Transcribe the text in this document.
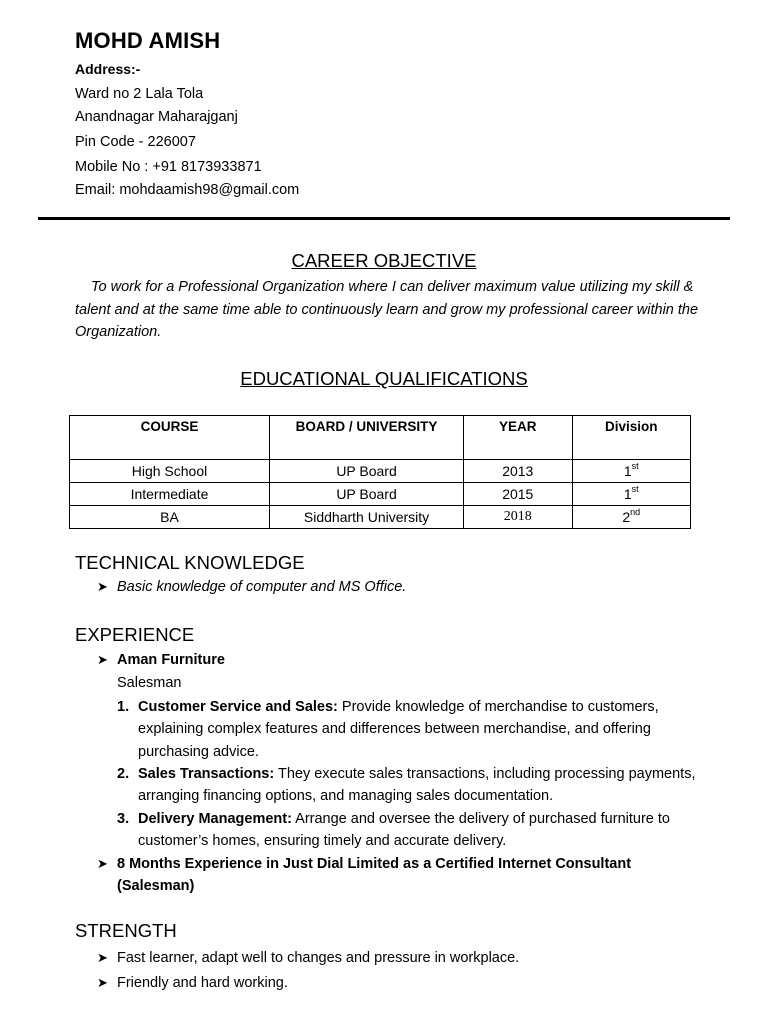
MOHD AMISH
Address:-
Ward no 2 Lala Tola
Anandnagar Maharajganj
Pin Code - 226007
Mobile No : +91 8173933871
Email: mohdaamish98@gmail.com
CAREER OBJECTIVE
To work for a Professional Organization where I can deliver maximum value utilizing my skill & talent and at the same time able to continuously learn and grow my professional career within the Organization.
EDUCATIONAL QUALIFICATIONS
COURSE	BOARD / UNIVERSITY	YEAR	Division
High School	UP Board	2013	1st
Intermediate	UP Board	2015	1st
BA	Siddharth University	2018	2nd
TECHNICAL KNOWLEDGE
➤ Basic knowledge of computer and MS Office.
EXPERIENCE
➤ Aman Furniture
Salesman
1. Customer Service and Sales: Provide knowledge of merchandise to customers, explaining complex features and differences between merchandise, and offering purchasing advice.
2. Sales Transactions: They execute sales transactions, including processing payments, arranging financing options, and managing sales documentation.
3. Delivery Management: Arrange and oversee the delivery of purchased furniture to customer’s homes, ensuring timely and accurate delivery.
➤ 8 Months Experience in Just Dial Limited as a Certified Internet Consultant (Salesman)
STRENGTH
➤ Fast learner, adapt well to changes and pressure in workplace.
➤ Friendly and hard working.
